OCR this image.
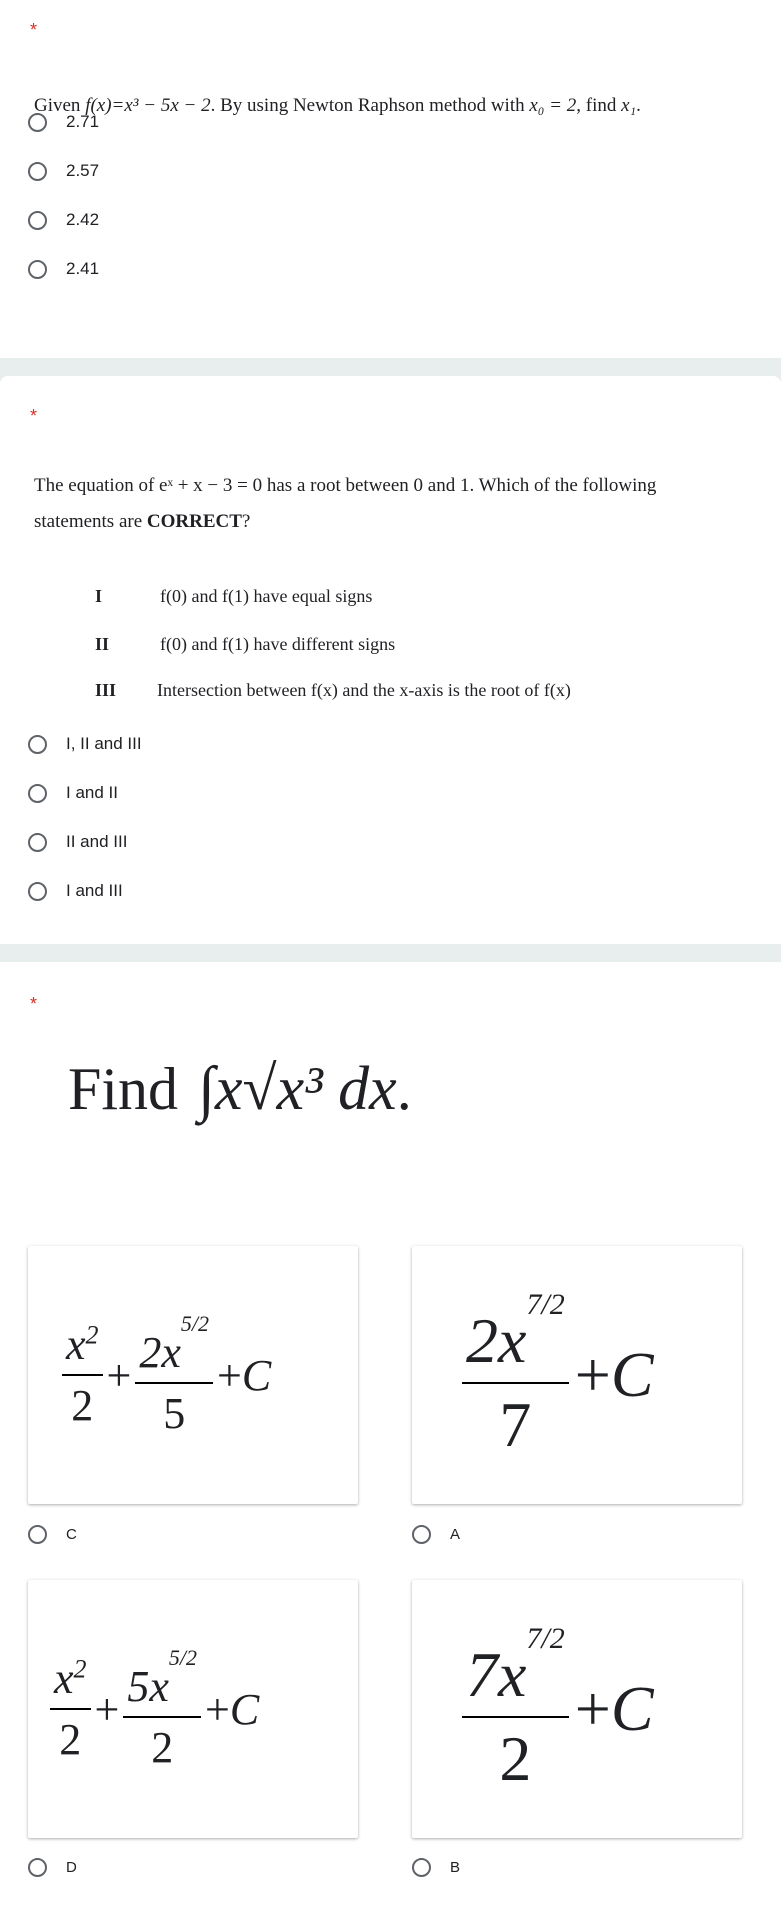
*
Given f(x)=x³ − 5x − 2. By using Newton Raphson method with x₀ = 2, find x₁.
2.71
2.57
2.42
2.41
*
The equation of eˣ + x − 3 = 0 has a root between 0 and 1. Which of the following
statements are CORRECT?
I	f(0) and f(1) have equal signs
II	f(0) and f(1) have different signs
III Intersection between f(x) and the x-axis is the root of f(x)
I, II and III
I and II
II and III
I and III
*
Find ∫x√x³ dx .
$\frac{x^2}{2} + \frac{2x^{5/2}}{5} +C$
C
$\frac{2x^{7/2}}{7} +C$
A
$\frac{x^2}{2} + \frac{5x^{5/2}}{2} +C$
D
$\frac{7x^{7/2}}{2} +C$
B
